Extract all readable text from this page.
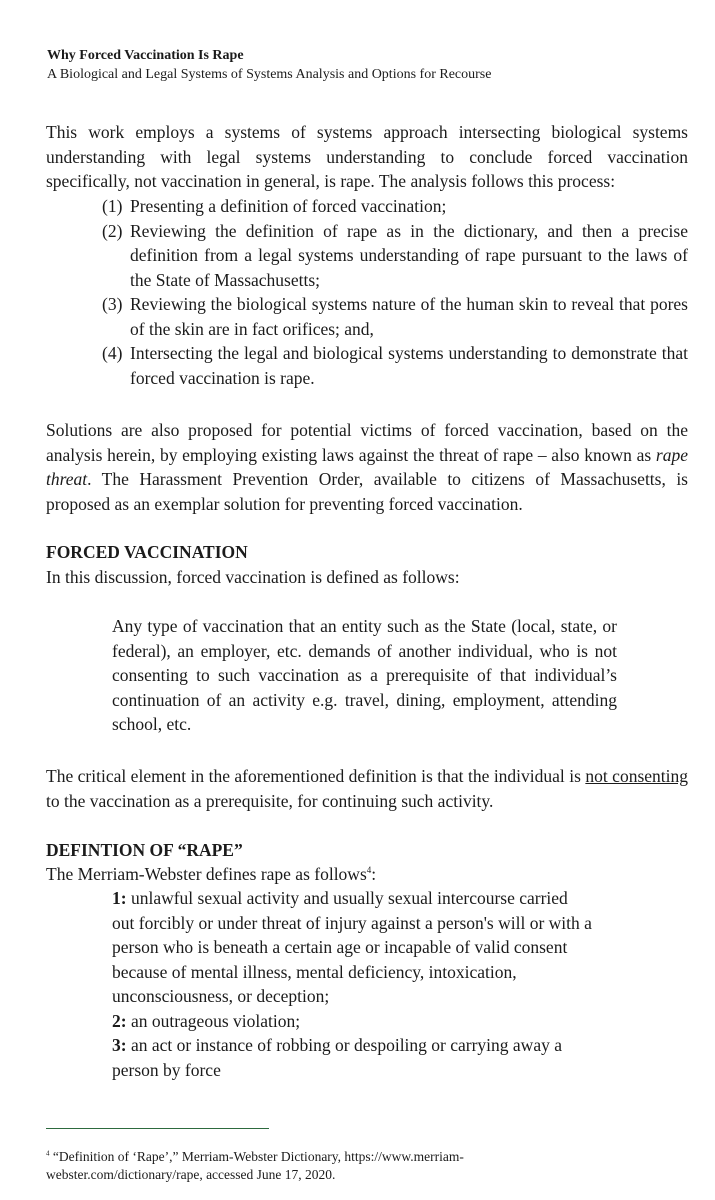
Why Forced Vaccination Is Rape

A Biological and Legal Systems of Systems Analysis and Options for Recourse

This work employs a systems of systems approach intersecting biological systems understanding with legal systems understanding to conclude forced vaccination specifically, not vaccination in general, is rape. The analysis follows this process:

(1) Presenting a definition of forced vaccination;
(2) Reviewing the definition of rape as in the dictionary, and then a precise definition from a legal systems understanding of rape pursuant to the laws of the State of Massachusetts;
(3) Reviewing the biological systems nature of the human skin to reveal that pores of the skin are in fact orifices; and,
(4) Intersecting the legal and biological systems understanding to demonstrate that forced vaccination is rape.

Solutions are also proposed for potential victims of forced vaccination, based on the analysis herein, by employing existing laws against the threat of rape – also known as rape threat. The Harassment Prevention Order, available to citizens of Massachusetts, is proposed as an exemplar solution for preventing forced vaccination.

FORCED VACCINATION

In this discussion, forced vaccination is defined as follows:

Any type of vaccination that an entity such as the State (local, state, or federal), an employer, etc. demands of another individual, who is not consenting to such vaccination as a prerequisite of that individual’s continuation of an activity e.g. travel, dining, employment, attending school, etc.

The critical element in the aforementioned definition is that the individual is not consenting to the vaccination as a prerequisite, for continuing such activity.

DEFINTION OF “RAPE”

The Merriam-Webster defines rape as follows$^4$:

1: unlawful sexual activity and usually sexual intercourse carried out forcibly or under threat of injury against a person's will or with a person who is beneath a certain age or incapable of valid consent because of mental illness, mental deficiency, intoxication, unconsciousness, or deception;
2: an outrageous violation;
3: an act or instance of robbing or despoiling or carrying away a person by force

$^4$ “Definition of ‘Rape’,” Merriam-Webster Dictionary, https://www.merriam-webster.com/dictionary/rape, accessed June 17, 2020.
